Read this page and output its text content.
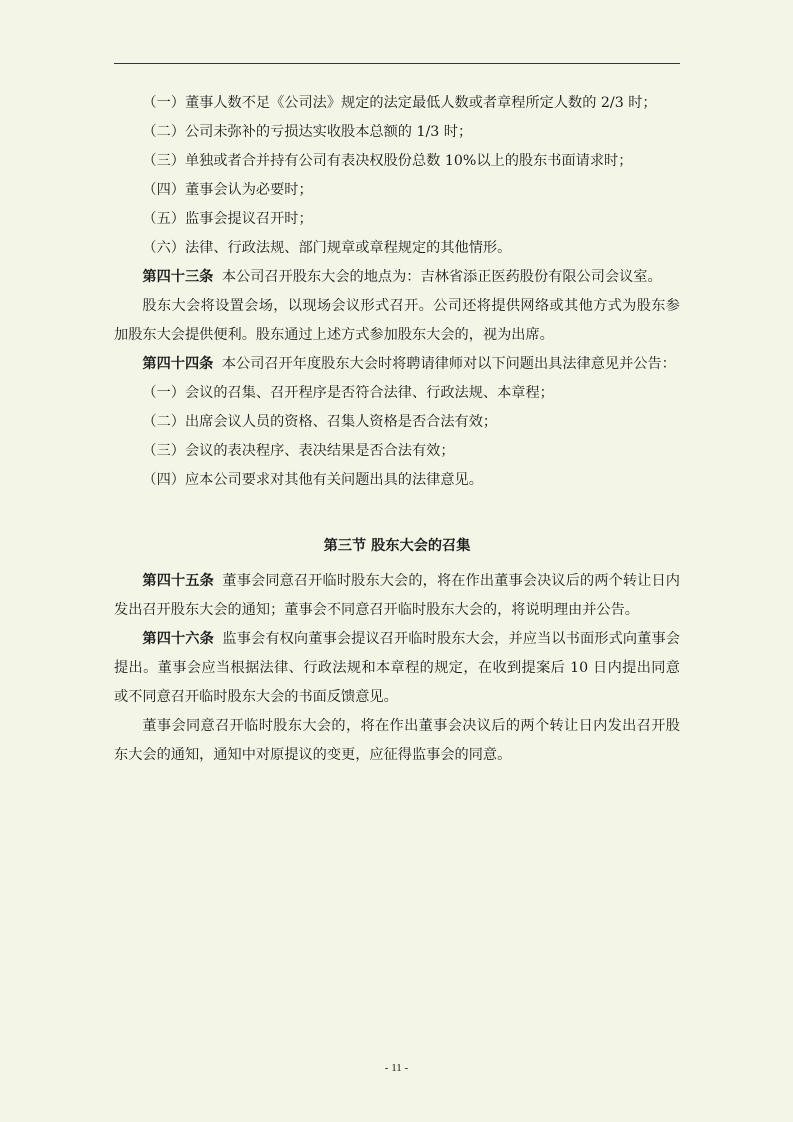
（一）董事人数不足《公司法》规定的法定最低人数或者章程所定人数的 2/3 时；

（二）公司未弥补的亏损达实收股本总额的 1/3 时；

（三）单独或者合并持有公司有表决权股份总数 10%以上的股东书面请求时；

（四）董事会认为必要时；

（五）监事会提议召开时；

（六）法律、行政法规、部门规章或章程规定的其他情形。

第四十三条 本公司召开股东大会的地点为：吉林省添正医药股份有限公司会议室。

股东大会将设置会场，以现场会议形式召开。公司还将提供网络或其他方式为股东参加股东大会提供便利。股东通过上述方式参加股东大会的，视为出席。

第四十四条 本公司召开年度股东大会时将聘请律师对以下问题出具法律意见并公告：

（一）会议的召集、召开程序是否符合法律、行政法规、本章程；

（二）出席会议人员的资格、召集人资格是否合法有效；

（三）会议的表决程序、表决结果是否合法有效；

（四）应本公司要求对其他有关问题出具的法律意见。

第三节 股东大会的召集

第四十五条 董事会同意召开临时股东大会的，将在作出董事会决议后的两个转让日内发出召开股东大会的通知；董事会不同意召开临时股东大会的，将说明理由并公告。

第四十六条 监事会有权向董事会提议召开临时股东大会，并应当以书面形式向董事会提出。董事会应当根据法律、行政法规和本章程的规定，在收到提案后 10 日内提出同意或不同意召开临时股东大会的书面反馈意见。

董事会同意召开临时股东大会的，将在作出董事会决议后的两个转让日内发出召开股东大会的通知，通知中对原提议的变更，应征得监事会的同意。

- 11 -
